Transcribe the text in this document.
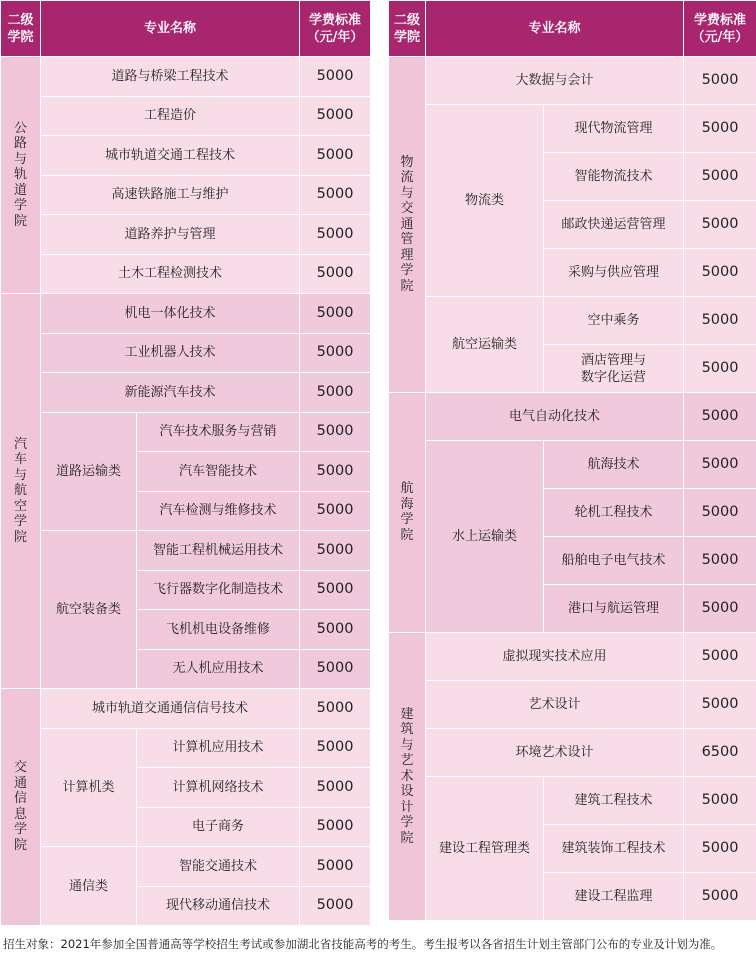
二级
学院	专业名称		学费标准
（元/年）
公路与轨道学院	道路与桥梁工程技术		5000
	工程造价		5000
	城市轨道交通工程技术		5000
	高速铁路施工与维护		5000
	道路养护与管理		5000
	土木工程检测技术		5000
汽车与航空学院	机电一体化技术		5000
	工业机器人技术		5000
	新能源汽车技术		5000
	道路运输类	汽车技术服务与营销	5000
		汽车智能技术	5000
		汽车检测与维修技术	5000
	航空装备类	智能工程机械运用技术	5000
		飞行器数字化制造技术	5000
		飞机机电设备维修	5000
		无人机应用技术	5000
交通信息学院	城市轨道交通通信信号技术		5000
	计算机类	计算机应用技术	5000
		计算机网络技术	5000
		电子商务	5000
	通信类	智能交通技术	5000
		现代移动通信技术	5000
二级
学院	专业名称		学费标准
（元/年）
物流与交通管理学院	大数据与会计		5000
	物流类	现代物流管理	5000
		智能物流技术	5000
		邮政快递运营管理	5000
		采购与供应管理	5000
	航空运输类	空中乘务	5000
		酒店管理与
数字化运营	5000
航海学院	电气自动化技术		5000
	水上运输类	航海技术	5000
		轮机工程技术	5000
		船舶电子电气技术	5000
		港口与航运管理	5000
建筑与艺术设计学院	虚拟现实技术应用		5000
	艺术设计		5000
	环境艺术设计		6500
	建设工程管理类	建筑工程技术	5000
		建筑装饰工程技术	5000
		建设工程监理	5000
招生对象：2021年参加全国普通高等学校招生考试或参加湖北省技能高考的考生。考生报考以各省招生计划主管部门公布的专业及计划为准。
